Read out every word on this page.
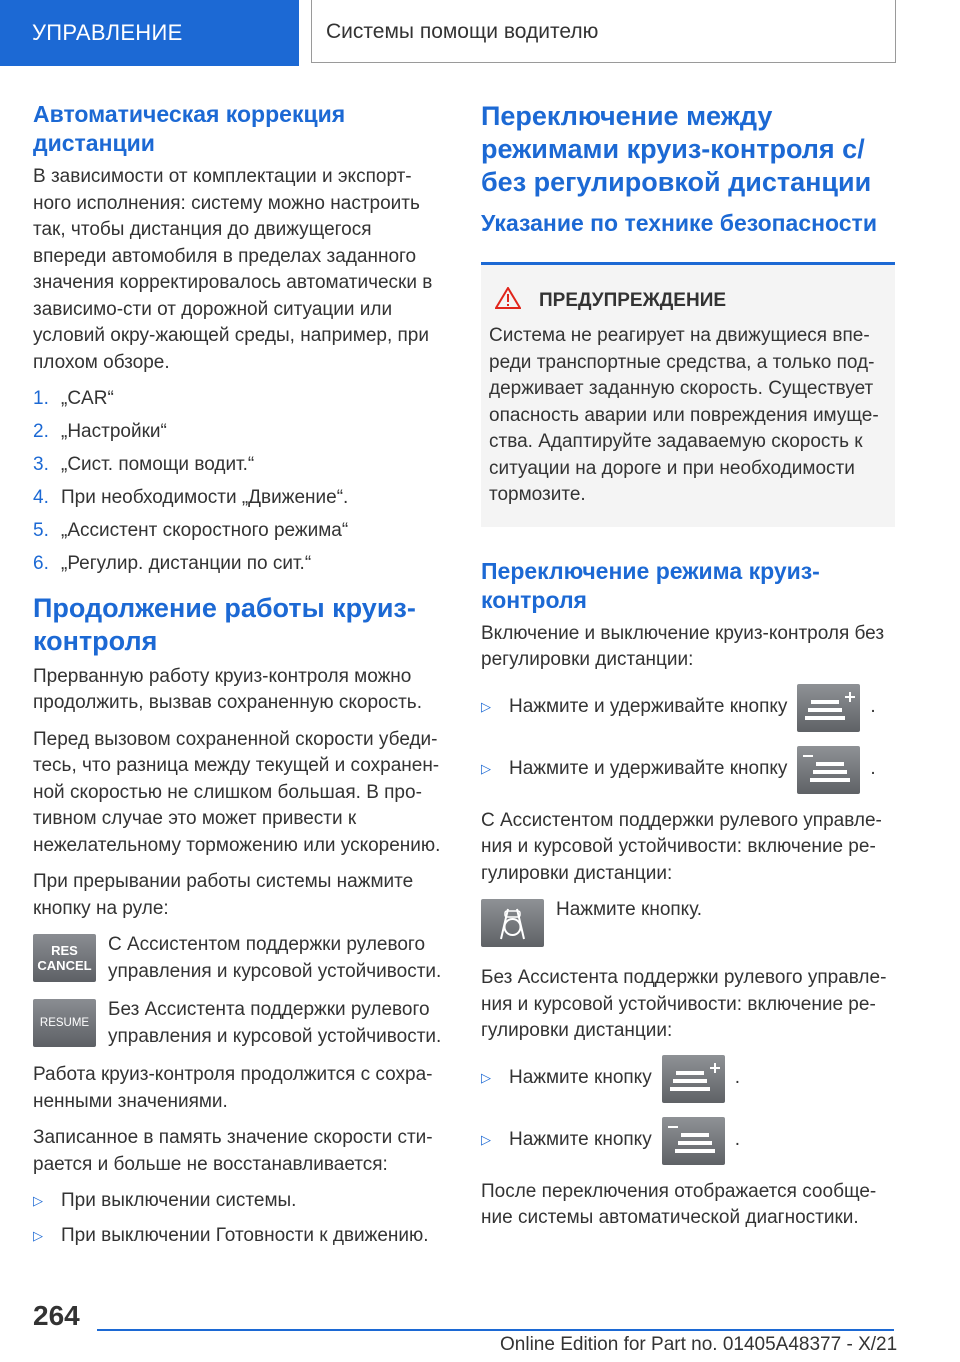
УПРАВЛЕНИЕ	Системы помощи водителю
Автоматическая коррекция дистанции

В зависимости от комплектации и экспорт-ного исполнения: систему можно настроить так, чтобы дистанция до движущегося впереди автомобиля в пределах заданного значения корректировалось автоматически в зависимо-сти от дорожной ситуации или условий окру-жающей среды, например, при плохом обзоре.

1. „CAR“
2. „Настройки“
3. „Сист. помощи водит.“
4. При необходимости „Движение“.
5. „Ассистент скоростного режима“
6. „Регулир. дистанции по сит.“
Продолжение работы круиз-контроля

Прерванную работу круиз-контроля можно продолжить, вызвав сохраненную скорость.

Перед вызовом сохраненной скорости убеди-тесь, что разница между текущей и сохранен-ной скоростью не слишком большая. В про-тивном случае это может привести к нежелательному торможению или ускорению.

При прерывании работы системы нажмите кнопку на руле:

RES
CANCEL
С Ассистентом поддержки рулевого управления и курсовой устойчивости.
RESUME
Без Ассистента поддержки рулевого управления и курсовой устойчивости.

Работа круиз-контроля продолжится с сохра-ненными значениями.

Записанное в память значение скорости сти-рается и больше не восстанавливается:

▷ При выключении системы.
▷ При выключении Готовности к движению.
Переключение между режимами круиз-контроля с/без регулировкой дистанции
Указание по технике безопасности
ПРЕДУПРЕЖДЕНИЕ

Система не реагирует на движущиеся впе-реди транспортные средства, а только под-держивает заданную скорость. Существует опасность аварии или повреждения имуще-ства. Адаптируйте задаваемую скорость к ситуации на дороге и при необходимости тормозите.

Переключение режима круиз-контроля

Включение и выключение круиз-контроля без регулировки дистанции:

▷ Нажмите и удерживайте кнопку	.
▷ Нажмите и удерживайте кнопку	.

С Ассистентом поддержки рулевого управле-ния и курсовой устойчивости: включение ре-гулировки дистанции:

Нажмите кнопку.

Без Ассистента поддержки рулевого управле-ния и курсовой устойчивости: включение ре-гулировки дистанции:

▷ Нажмите кнопку	.
▷ Нажмите кнопку	.

После переключения отображается сообще-ние системы автоматической диагностики.

264
Online Edition for Part no. 01405A48377 - X/21
